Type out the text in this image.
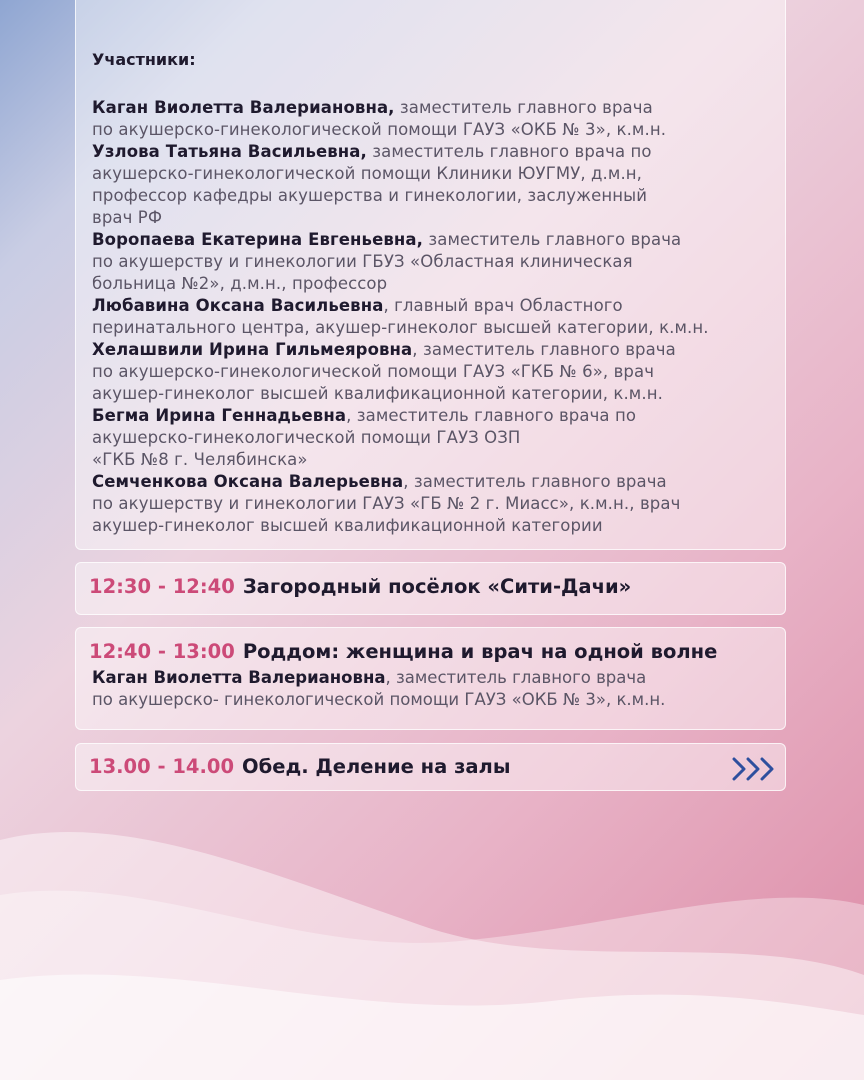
Участники:
Каган Виолетта Валериановна, заместитель главного врача
по акушерско-гинекологической помощи ГАУЗ «ОКБ № 3», к.м.н.
Узлова Татьяна Васильевна, заместитель главного врача по
акушерско-гинекологической помощи Клиники ЮУГМУ, д.м.н,
профессор кафедры акушерства и гинекологии, заслуженный
врач РФ
Воропаева Екатерина Евгеньевна, заместитель главного врача
по акушерству и гинекологии ГБУЗ «Областная клиническая
больница №2», д.м.н., профессор
Любавина Оксана Васильевна, главный врач Областного
перинатального центра, акушер-гинеколог высшей категории, к.м.н.
Хелашвили Ирина Гильмеяровна, заместитель главного врача
по акушерско-гинекологической помощи ГАУЗ «ГКБ № 6», врач
акушер-гинеколог высшей квалификационной категории, к.м.н.
Бегма Ирина Геннадьевна, заместитель главного врача по
акушерско-гинекологической помощи ГАУЗ ОЗП
«ГКБ №8 г. Челябинска»
Семченкова Оксана Валерьевна, заместитель главного врача
по акушерству и гинекологии ГАУЗ «ГБ № 2 г. Миасс», к.м.н., врач
акушер-гинеколог высшей квалификационной категории
12:30 - 12:40 Загородный посёлок «Сити-Дачи»
12:40 - 13:00 Роддом: женщина и врач на одной волне
Каган Виолетта Валериановна, заместитель главного врача
по акушерско- гинекологической помощи ГАУЗ «ОКБ № 3», к.м.н.
13.00 - 14.00 Обед. Деление на залы
